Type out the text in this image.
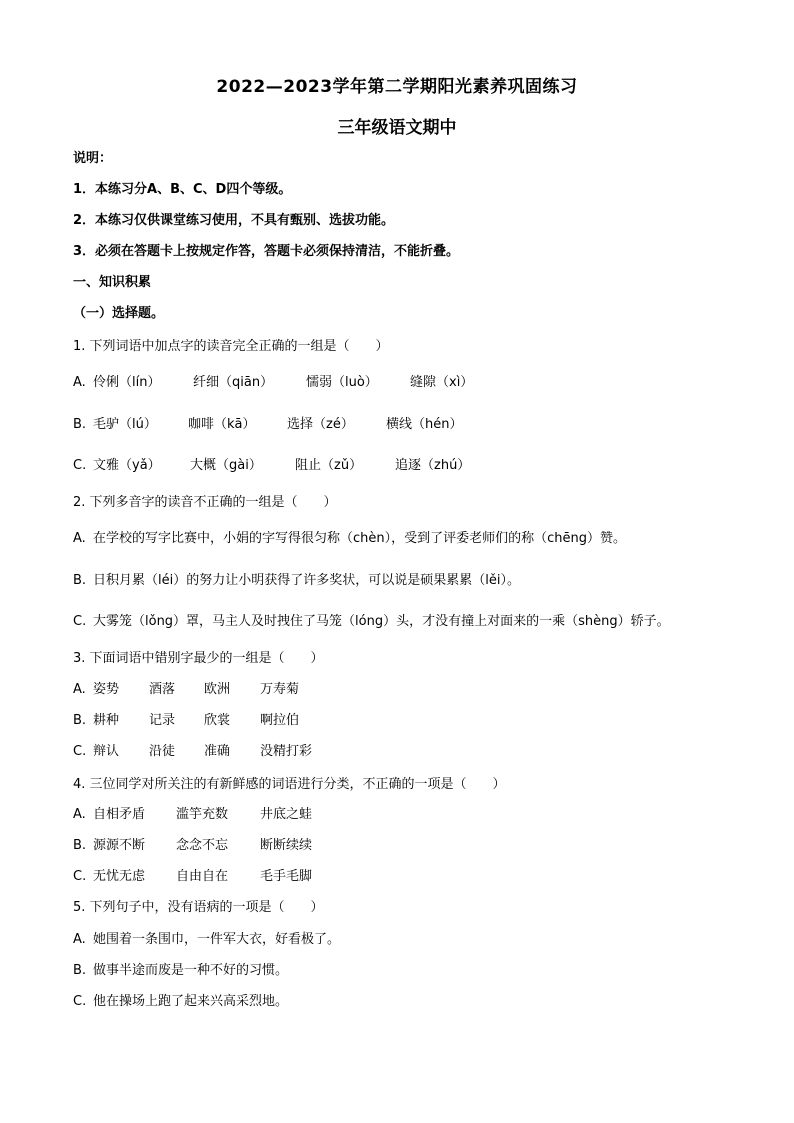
2022—2023学年第二学期阳光素养巩固练习
三年级语文期中
说明：
1．本练习分A、B、C、D四个等级。
2．本练习仅供课堂练习使用，不具有甄别、选拔功能。
3．必须在答题卡上按规定作答，答题卡必须保持清洁，不能折叠。
一、知识积累
（一）选择题。
1. 下列词语中加点字的读音完全正确的一组是（　　）
A. 伶俐（lín）	纤细（qiān）	懦弱（luò） 缝隙（xì）
B. 毛驴（lú） 咖啡（kā） 选择（zé） 横线（hén）
C. 文雅（yǎ） 大概（gài）	阻止（zǔ）	追逐（zhú）
2. 下列多音字的读音不正确的一组是（　　）
A. 在学校的写字比赛中，小娟的字写得很匀称（chèn），受到了评委老师们的称（chēng）赞。
B. 日积月累（léi）的努力让小明获得了许多奖状，可以说是硕果累累（lěi）。
C. 大雾笼（lǒng）罩，马主人及时拽住了马笼（lóng）头，才没有撞上对面来的一乘（shèng）轿子。
3. 下面词语中错别字最少的一组是（　　）
A. 姿势 酒落 欧洲 万寿菊
B. 耕种 记录 欣裳 啊拉伯
C. 辩认 沿徒 准确 没精打彩
4. 三位同学对所关注的有新鲜感的词语进行分类，不正确的一项是（　　）
A. 自相矛盾 滥竽充数 井底之蛙
B. 源源不断 念念不忘 断断续续
C. 无忧无虑 自由自在 毛手毛脚
5. 下列句子中，没有语病的一项是（　　）
A. 她围着一条围巾，一件军大衣，好看极了。
B. 做事半途而废是一种不好的习惯。
C. 他在操场上跑了起来兴高采烈地。
